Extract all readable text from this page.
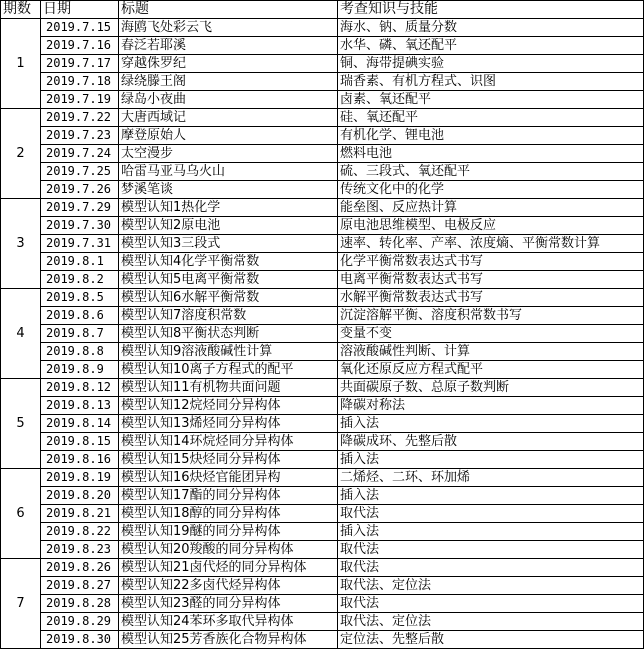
期数	日期	标题	考查知识与技能
1	2019.7.15	海鸥飞处彩云飞	海水、钠、质量分数
	2019.7.16	春泛若耶溪	水华、磷、氧还配平
	2019.7.17	穿越侏罗纪	铜、海带提碘实验
	2019.7.18	绿绕滕王阁	瑞香素、有机方程式、识图
	2019.7.19	绿岛小夜曲	卤素、氧还配平
2	2019.7.22	大唐西域记	硅、氧还配平
	2019.7.23	摩登原始人	有机化学、锂电池
	2019.7.24	太空漫步	燃料电池
	2019.7.25	哈雷马亚马乌火山	硫、三段式、氧还配平
	2019.7.26	梦溪笔谈	传统文化中的化学
3	2019.7.29	模型认知1热化学	能垒图、反应热计算
	2019.7.30	模型认知2原电池	原电池思维模型、电极反应
	2019.7.31	模型认知3三段式	速率、转化率、产率、浓度熵、平衡常数计算
	2019.8.1	模型认知4化学平衡常数	化学平衡常数表达式书写
	2019.8.2	模型认知5电离平衡常数	电离平衡常数表达式书写
4	2019.8.5	模型认知6水解平衡常数	水解平衡常数表达式书写
	2019.8.6	模型认知7溶度积常数	沉淀溶解平衡、溶度积常数书写
	2019.8.7	模型认知8平衡状态判断	变量不变
	2019.8.8	模型认知9溶液酸碱性计算	溶液酸碱性判断、计算
	2019.8.9	模型认知10离子方程式的配平	氧化还原反应方程式配平
5	2019.8.12	模型认知11有机物共面问题	共面碳原子数、总原子数判断
	2019.8.13	模型认知12烷烃同分异构体	降碳对称法
	2019.8.14	模型认知13烯烃同分异构体	插入法
	2019.8.15	模型认知14环烷烃同分异构体	降碳成环、先整后散
	2019.8.16	模型认知15炔烃同分异构体	插入法
6	2019.8.19	模型认知16炔烃官能团异构	二烯烃、二环、环加烯
	2019.8.20	模型认知17酯的同分异构体	插入法
	2019.8.21	模型认知18醇的同分异构体	取代法
	2019.8.22	模型认知19醚的同分异构体	插入法
	2019.8.23	模型认知20羧酸的同分异构体	取代法
7	2019.8.26	模型认知21卤代烃的同分异构体	取代法
	2019.8.27	模型认知22多卤代烃异构体	取代法、定位法
	2019.8.28	模型认知23醛的同分异构体	取代法
	2019.8.29	模型认知24苯环多取代异构体	取代法、定位法
	2019.8.30	模型认知25芳香族化合物异构体	定位法、先整后散
